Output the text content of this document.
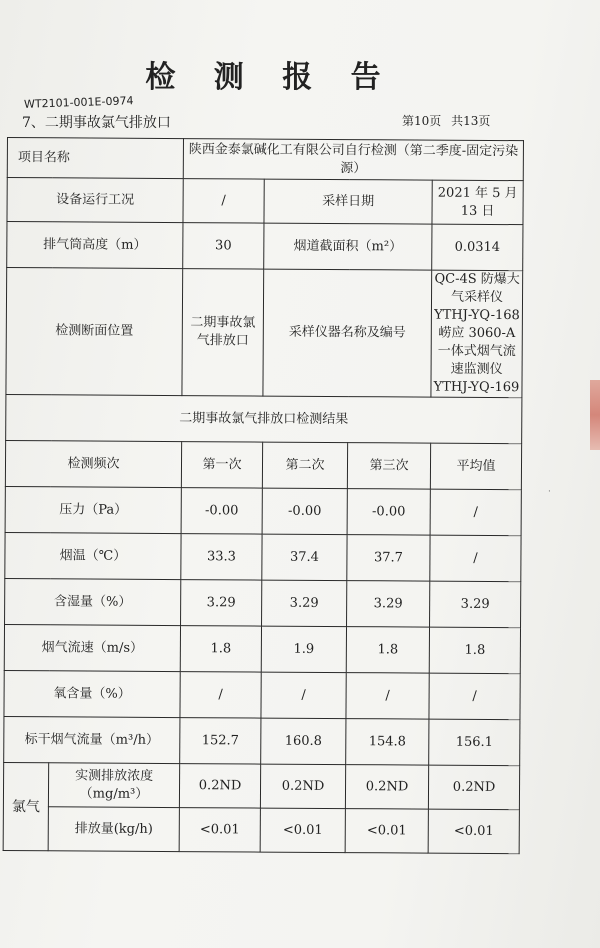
检 测 报 告
WT2101-001E-0974
7、二期事故氯气排放口	第10页 共13页
项目名称		陕西金泰氯碱化工有限公司自行检测（第二季度-固定污染源）			
设备运行工况		/	采样日期		2021 年 5 月 13 日
排气筒高度（m）		30	烟道截面积（m²）		0.0314
检测断面位置		二期事故氯气排放口	采样仪器名称及编号		QC-4S 防爆大气采样仪
YTHJ-YQ-168
崂应 3060-A 一体式烟气流
速监测仪
YTHJ-YQ-169

二期事故氯气排放口检测结果					
检测频次		第一次	第二次	第三次	平均值
压力（Pa）		-0.00	-0.00	-0.00	/
烟温（℃）		33.3	37.4	37.7	/
含湿量（%）		3.29	3.29	3.29	3.29
烟气流速（m/s）		1.8	1.9	1.8	1.8
氧含量（%）		/	/	/	/
标干烟气流量（m³/h）		152.7	160.8	154.8	156.1
氯气	实测排放浓度（mg/m³）	0.2ND	0.2ND	0.2ND	0.2ND
	排放量(kg/h)	<0.01	<0.01	<0.01	<0.01
·
